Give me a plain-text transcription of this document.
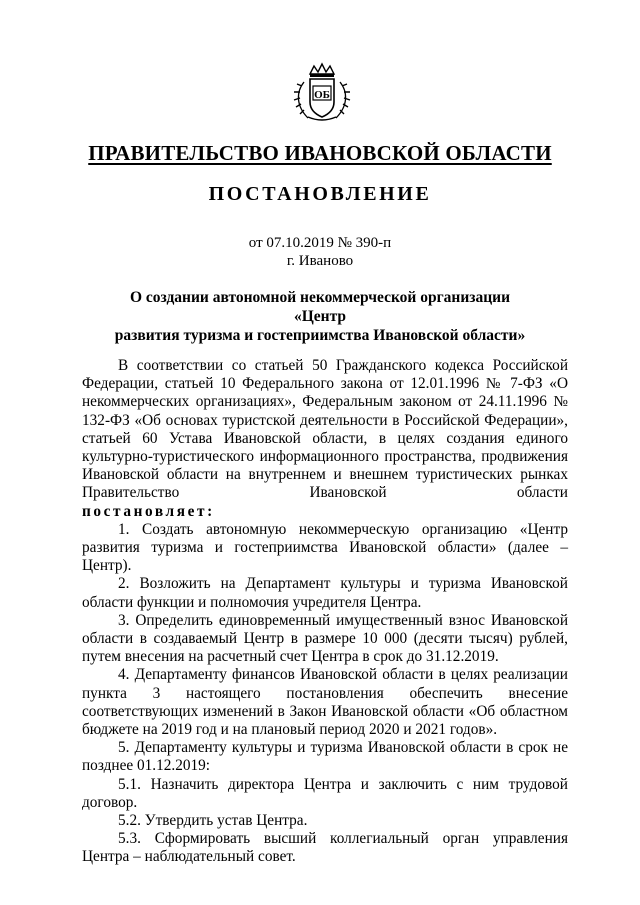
ОБ
ПРАВИТЕЛЬСТВО ИВАНОВСКОЙ ОБЛАСТИ
ПОСТАНОВЛЕНИЕ
от 07.10.2019 № 390-п
г. Иваново
О создании автономной некоммерческой организации «Центр
развития туризма и гостеприимства Ивановской области»

В соответствии со статьей 50 Гражданского кодекса Российской Федерации, статьей 10 Федерального закона от 12.01.1996 № 7-ФЗ «О некоммерческих организациях», Федеральным законом от 24.11.1996 № 132-ФЗ «Об основах туристской деятельности в Российской Федерации», статьей 60 Устава Ивановской области, в целях создания единого культурно-туристического информационного пространства, продвижения Ивановской области на внутреннем и внешнем туристических рынках Правительство Ивановской области

постановляет:

1. Создать автономную некоммерческую организацию «Центр развития туризма и гостеприимства Ивановской области» (далее – Центр).

2. Возложить на Департамент культуры и туризма Ивановской области функции и полномочия учредителя Центра.

3. Определить единовременный имущественный взнос Ивановской области в создаваемый Центр в размере 10 000 (десяти тысяч) рублей, путем внесения на расчетный счет Центра в срок до 31.12.2019.

4. Департаменту финансов Ивановской области в целях реализации пункта 3 настоящего постановления обеспечить внесение соответствующих изменений в Закон Ивановской области «Об областном бюджете на 2019 год и на плановый период 2020 и 2021 годов».

5. Департаменту культуры и туризма Ивановской области в срок не позднее 01.12.2019:

5.1. Назначить директора Центра и заключить с ним трудовой договор.

5.2. Утвердить устав Центра.

5.3. Сформировать высший коллегиальный орган управления Центра – наблюдательный совет.
